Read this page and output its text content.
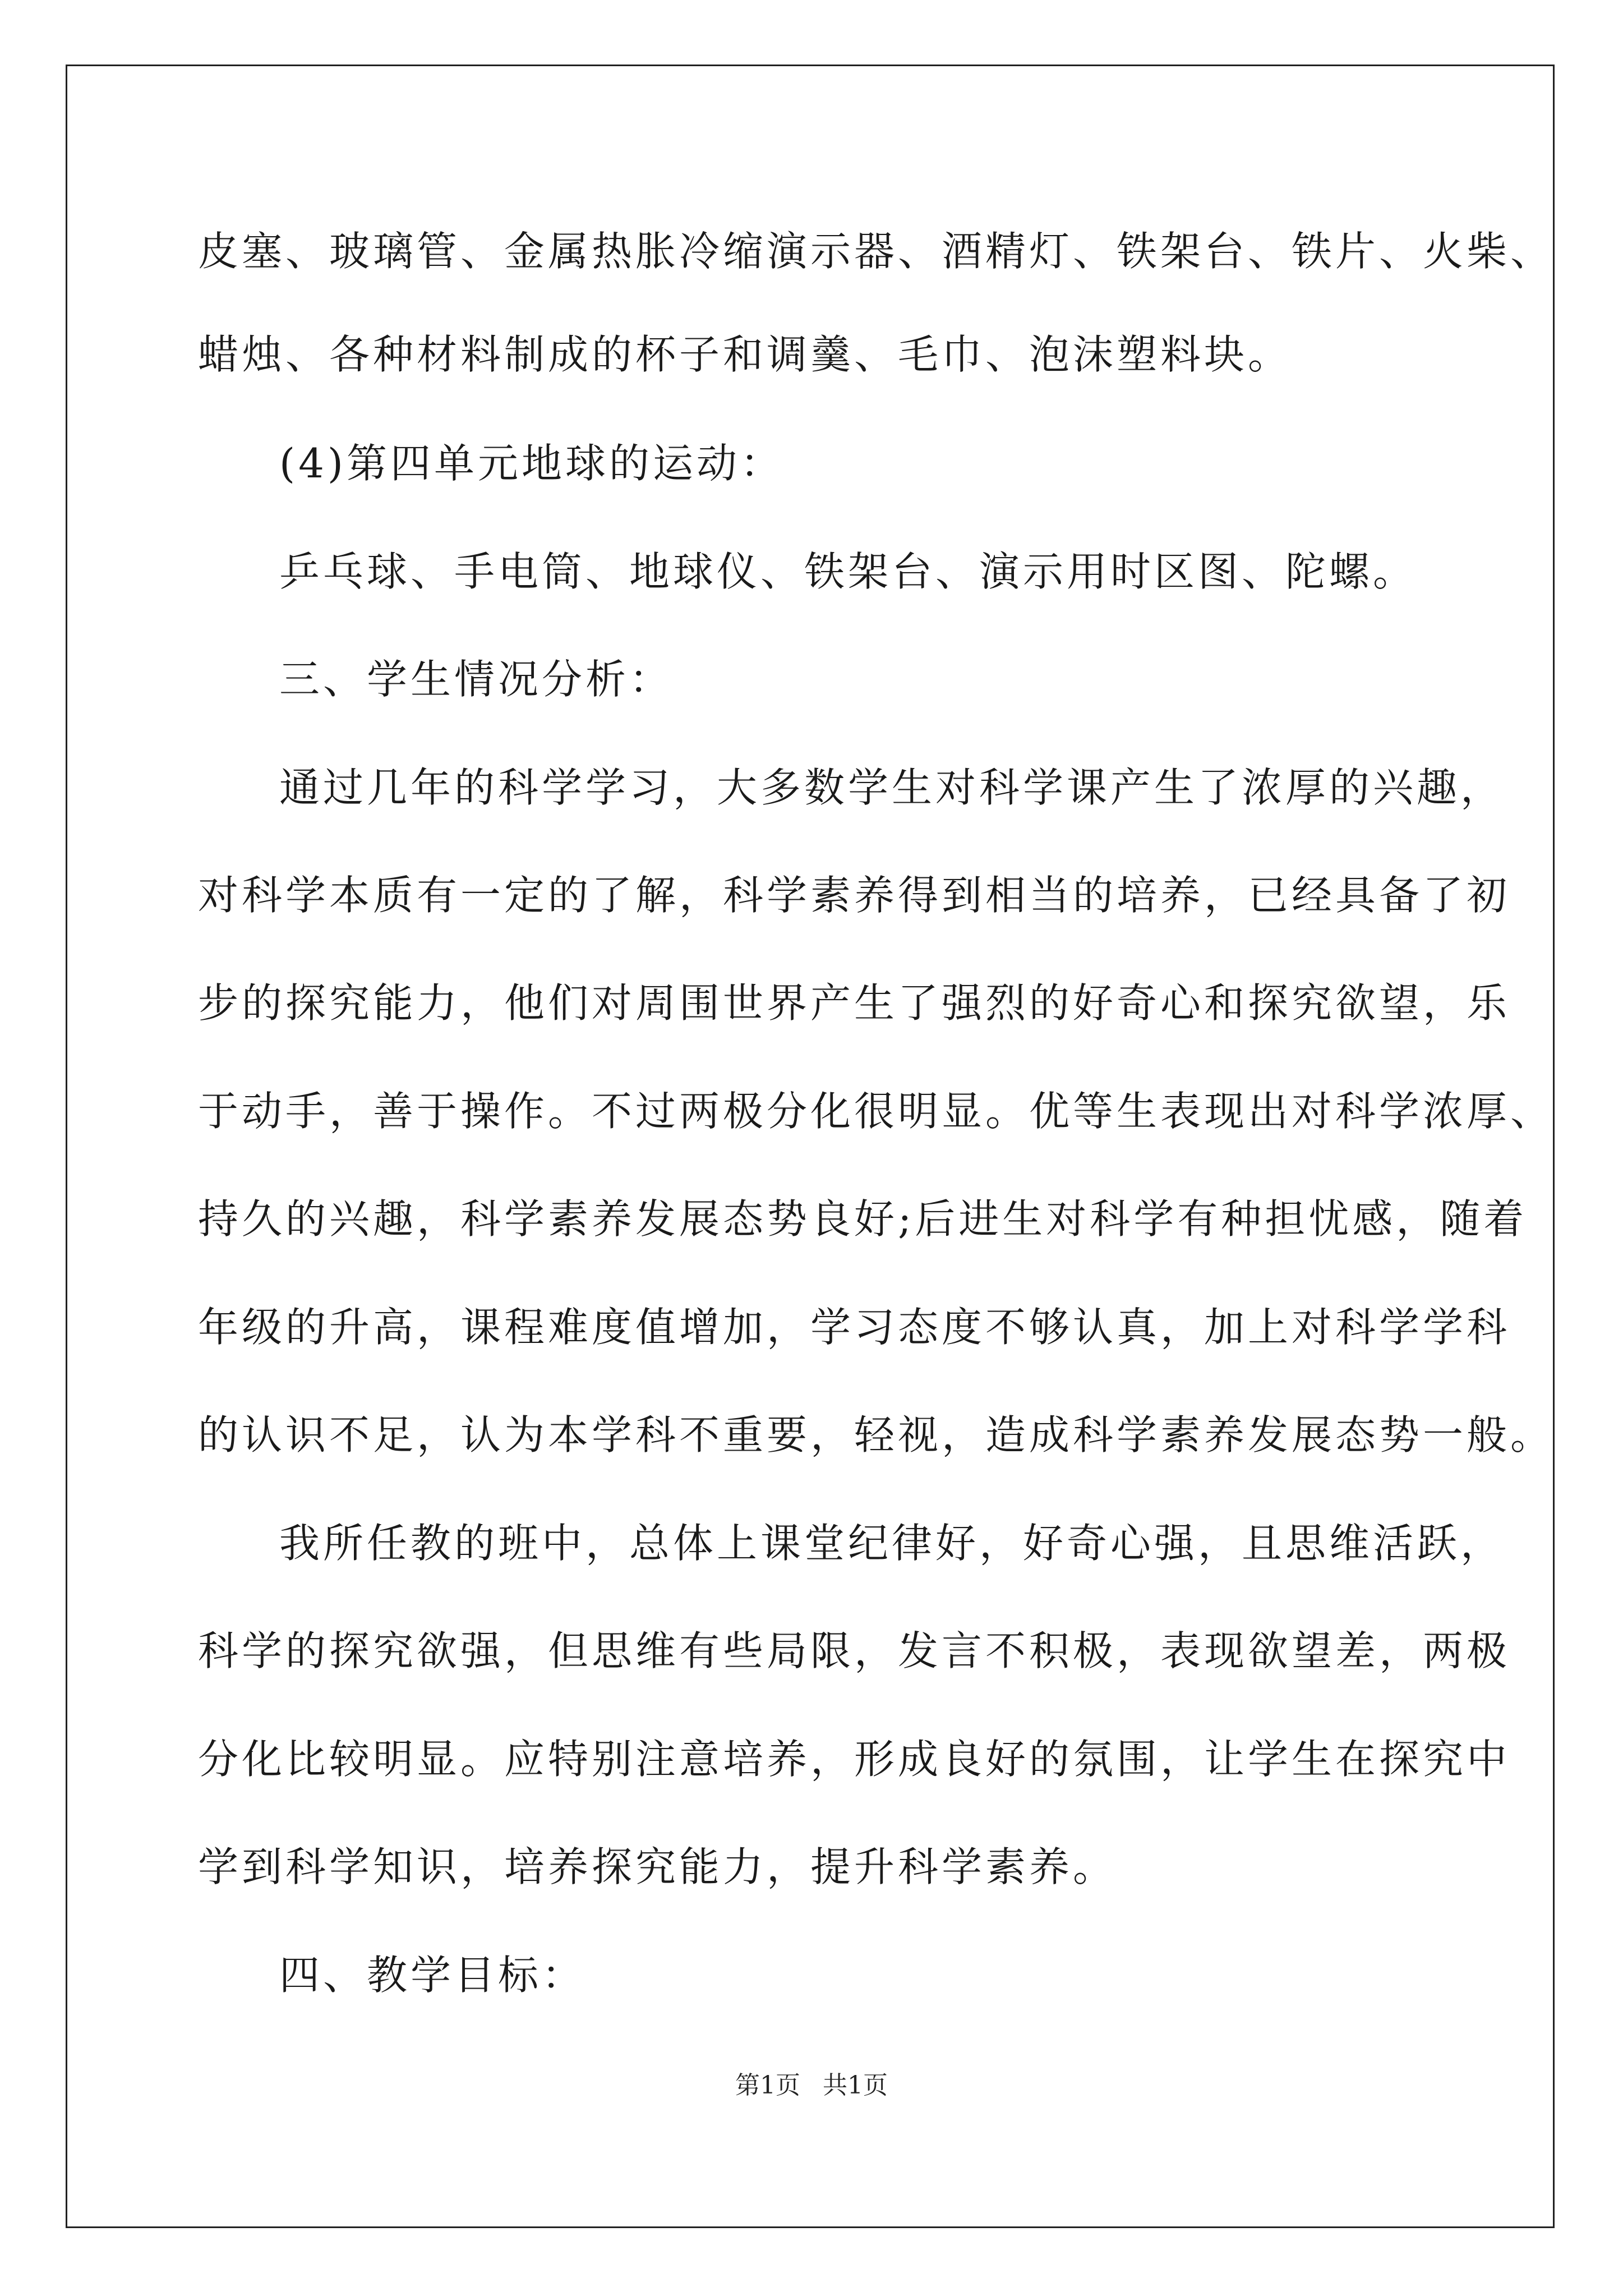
皮塞、玻璃管、金属热胀冷缩演示器、酒精灯、铁架台、铁片、火柴、
蜡烛、各种材料制成的杯子和调羹、毛巾、泡沫塑料块。
(4)第四单元地球的运动：
乒乓球、手电筒、地球仪、铁架台、演示用时区图、陀螺。
三、学生情况分析：
通过几年的科学学习，大多数学生对科学课产生了浓厚的兴趣，
对科学本质有一定的了解，科学素养得到相当的培养，已经具备了初
步的探究能力，他们对周围世界产生了强烈的好奇心和探究欲望，乐
于动手，善于操作。不过两极分化很明显。优等生表现出对科学浓厚、
持久的兴趣，科学素养发展态势良好;后进生对科学有种担忧感，随着
年级的升高，课程难度值增加，学习态度不够认真，加上对科学学科
的认识不足，认为本学科不重要，轻视，造成科学素养发展态势一般。
我所任教的班中，总体上课堂纪律好，好奇心强，且思维活跃，
科学的探究欲强，但思维有些局限，发言不积极，表现欲望差，两极
分化比较明显。应特别注意培养，形成良好的氛围，让学生在探究中
学到科学知识，培养探究能力，提升科学素养。
四、教学目标：
第1页 共1页
